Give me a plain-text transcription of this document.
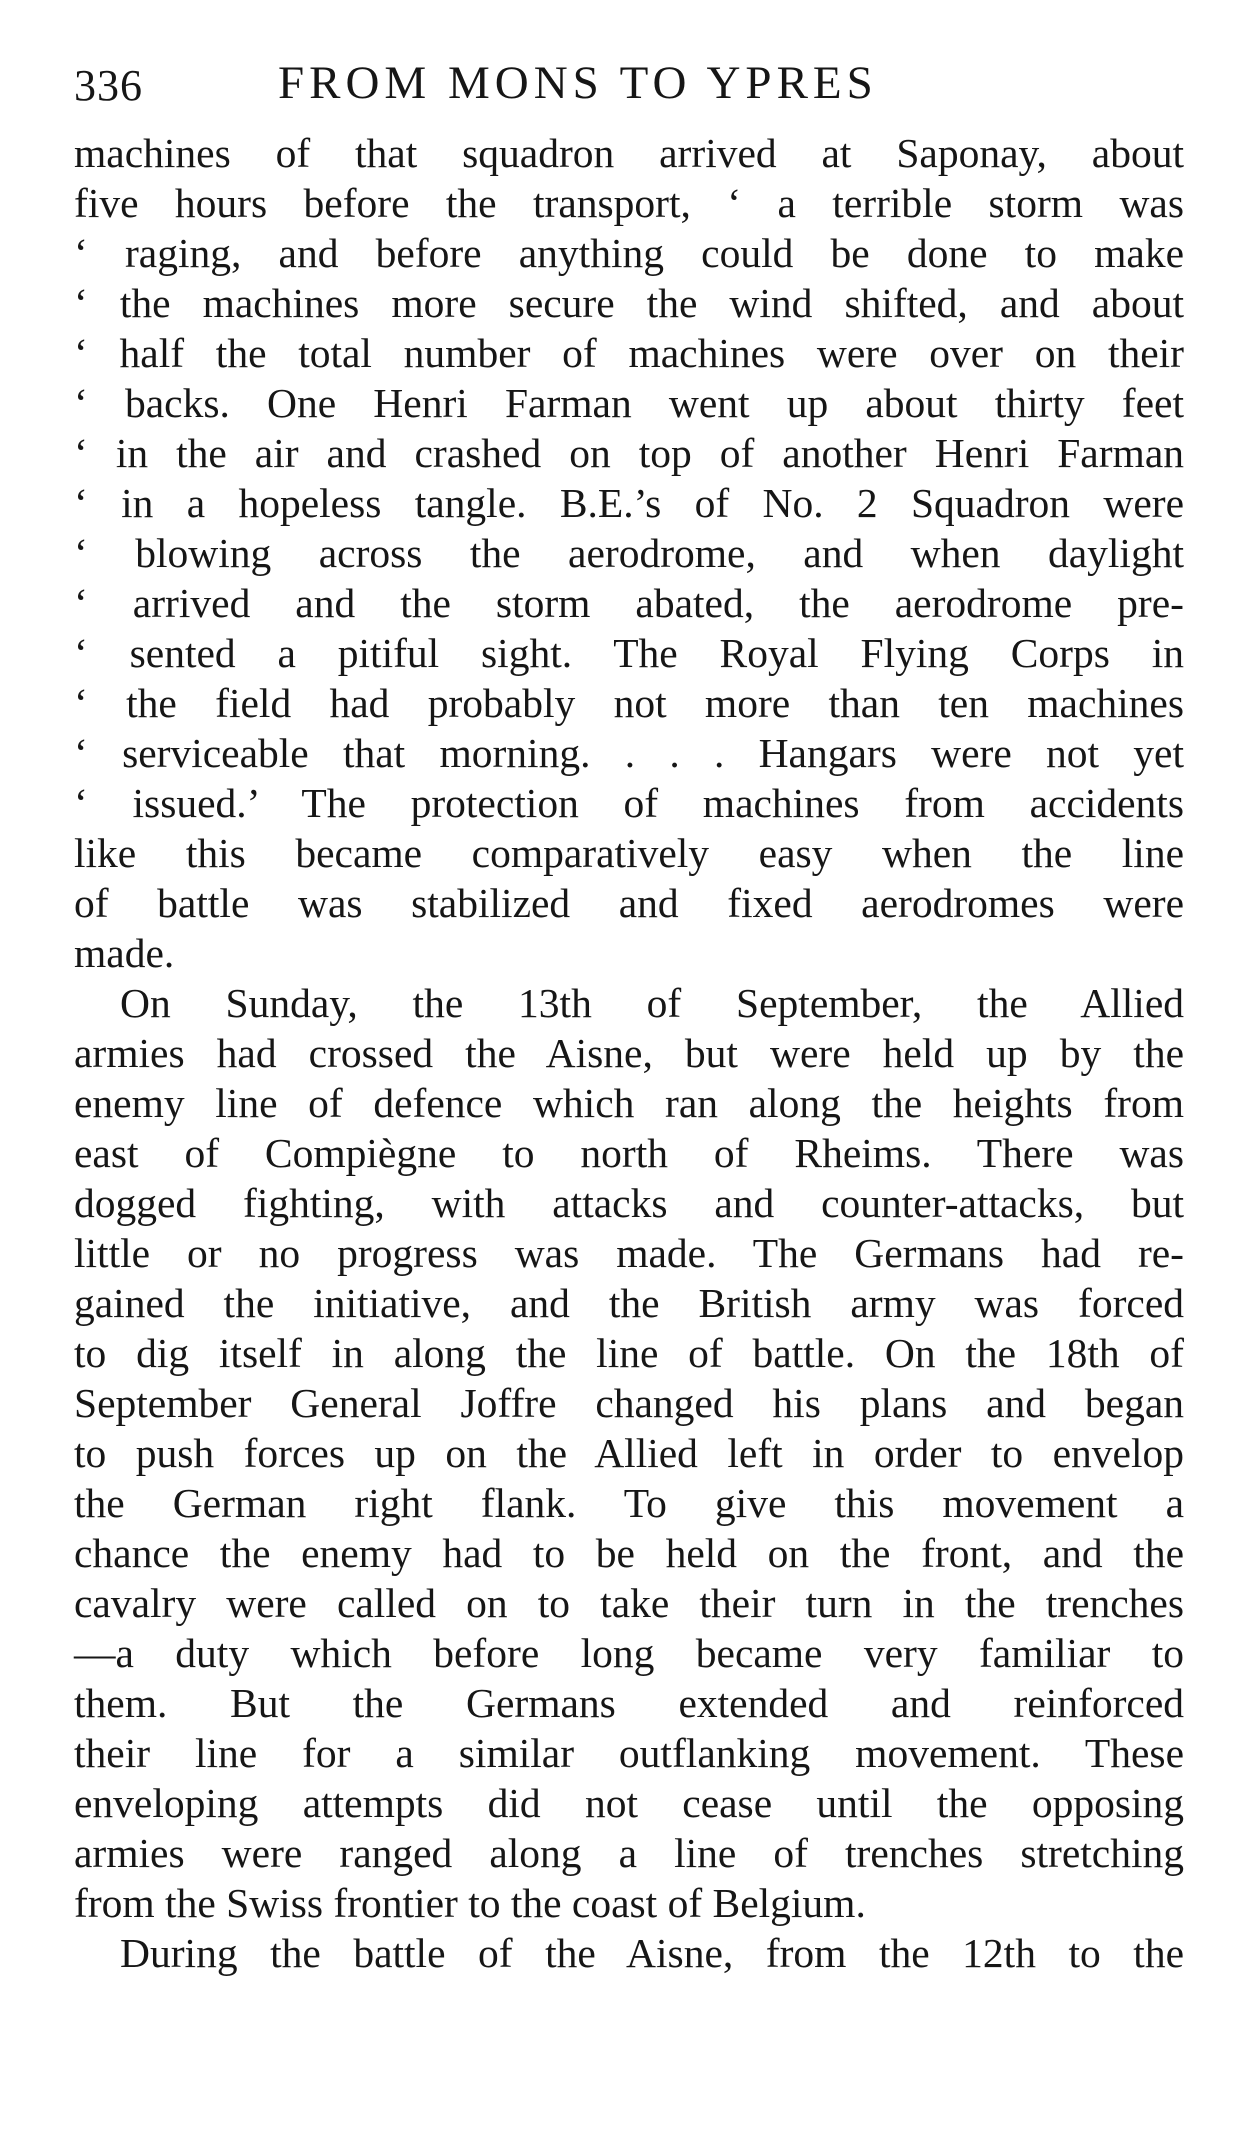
336	FROM MONS TO YPRES
machines of that squadron arrived at Saponay, about
five hours before the transport, ‘ a terrible storm was
‘ raging, and before anything could be done to make
‘ the machines more secure the wind shifted, and about
‘ half the total number of machines were over on their
‘ backs. One Henri Farman went up about thirty feet
‘ in the air and crashed on top of another Henri Farman
‘ in a hopeless tangle. B.E.’s of No. 2 Squadron were
‘ blowing across the aerodrome, and when daylight
‘ arrived and the storm abated, the aerodrome pre-
‘ sented a pitiful sight. The Royal Flying Corps in
‘ the field had probably not more than ten machines
‘ serviceable that morning. . . . Hangars were not yet
‘ issued.’ The protection of machines from accidents
like this became comparatively easy when the line
of battle was stabilized and fixed aerodromes were
made.
On Sunday, the 13th of September, the Allied
armies had crossed the Aisne, but were held up by the
enemy line of defence which ran along the heights from
east of Compiègne to north of Rheims. There was
dogged fighting, with attacks and counter-attacks, but
little or no progress was made. The Germans had re-
gained the initiative, and the British army was forced
to dig itself in along the line of battle. On the 18th of
September General Joffre changed his plans and began
to push forces up on the Allied left in order to envelop
the German right flank. To give this movement a
chance the enemy had to be held on the front, and the
cavalry were called on to take their turn in the trenches
—a duty which before long became very familiar to
them. But the Germans extended and reinforced
their line for a similar outflanking movement. These
enveloping attempts did not cease until the opposing
armies were ranged along a line of trenches stretching
from the Swiss frontier to the coast of Belgium.
During the battle of the Aisne, from the 12th to the
